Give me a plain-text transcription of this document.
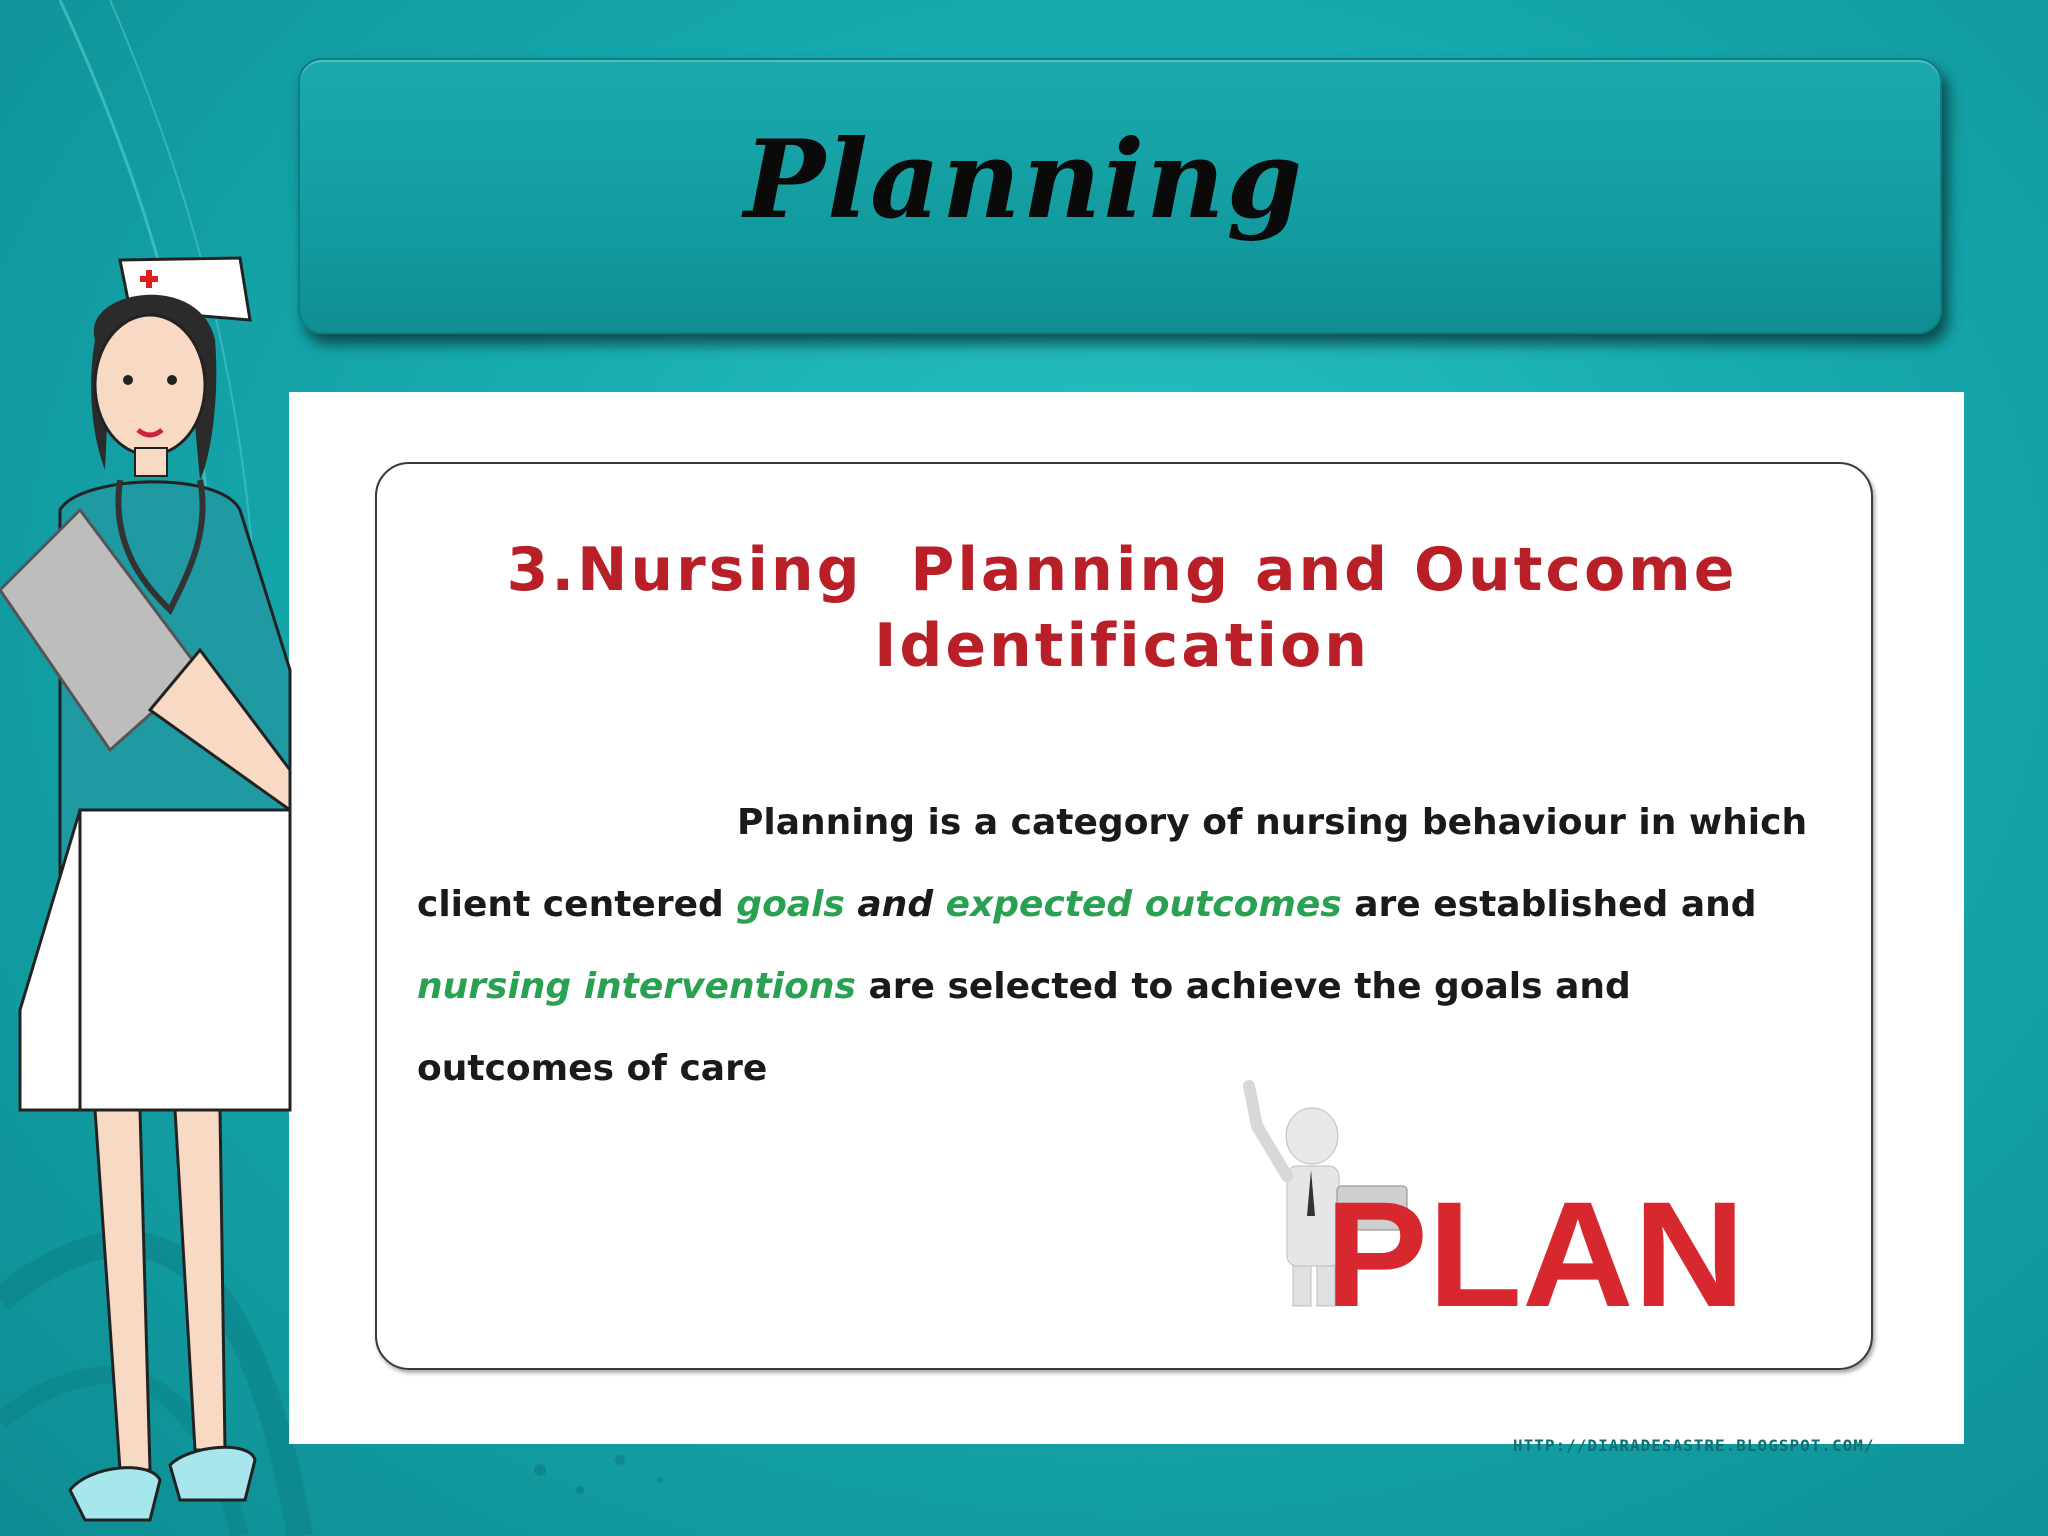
Planning
3.Nursing  Planning and Outcome
Identification
Planning is a category of nursing behaviour in which client centered goals and expected outcomes are established and nursing interventions are selected to achieve the goals and outcomes of care
PLAN
HTTP://DIARADESASTRE.BLOGSPOT.COM/
